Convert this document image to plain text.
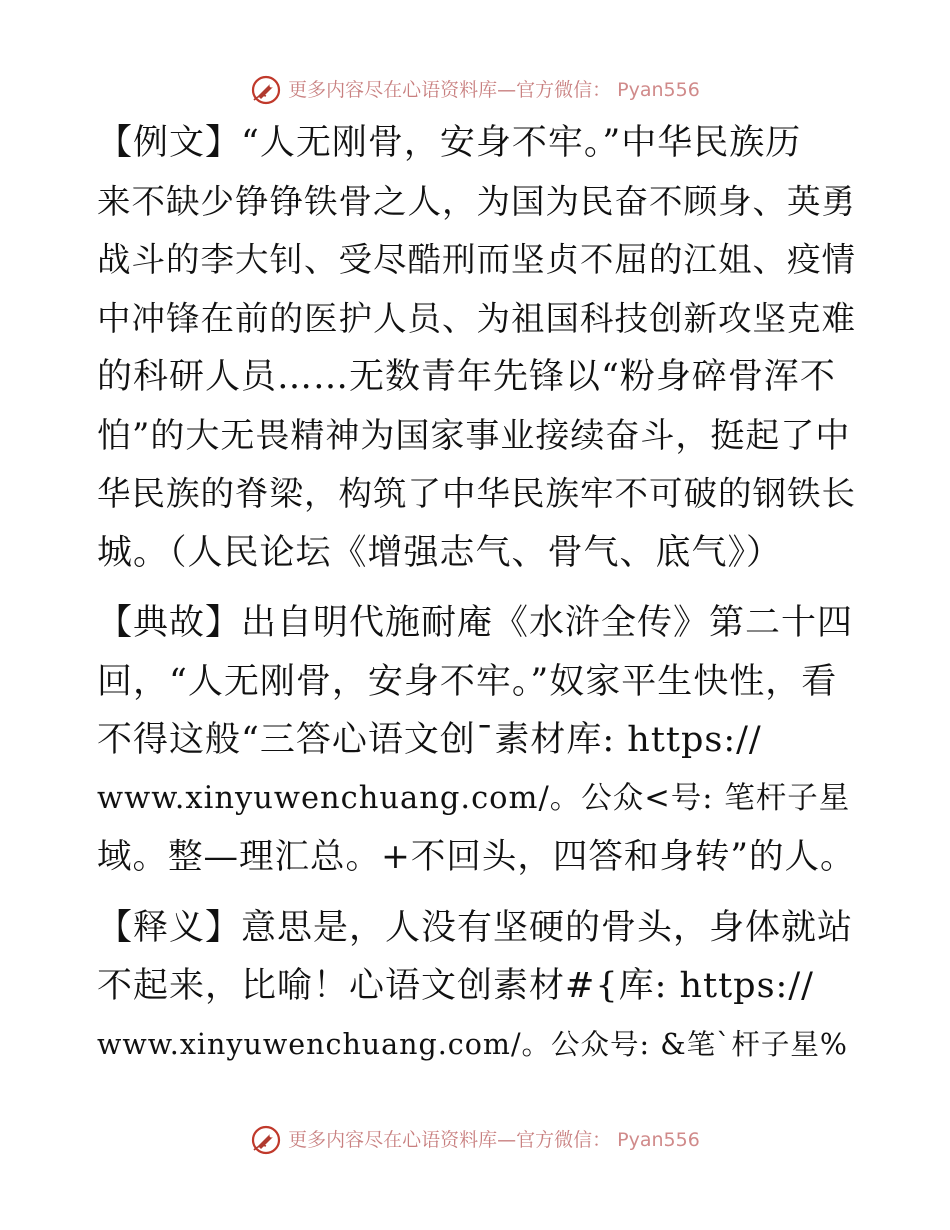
更多内容尽在心语资料库—官方微信： Pyan556

【例文】“人无刚骨，安身不牢。”中华民族历
来不缺少铮铮铁骨之人，为国为民奋不顾身、英勇
战斗的李大钊、受尽酷刑而坚贞不屈的江姐、疫情
中冲锋在前的医护人员、为祖国科技创新攻坚克难
的科研人员……无数青年先锋以“粉身碎骨浑不
怕”的大无畏精神为国家事业接续奋斗，挺起了中
华民族的脊梁，构筑了中华民族牢不可破的钢铁长
城。（人民论坛《增强志气、骨气、底气》）

【典故】出自明代施耐庵《水浒全传》第二十四
回，“人无刚骨，安身不牢。”奴家平生快性，看
不得这般“三答心语文创¯素材库: https://
www.xinyuwenchuang.com/。公众<号: 笔杆子星
域。整—理汇总。+不回头，四答和身转”的人。

【释义】意思是，人没有坚硬的骨头，身体就站
不起来，比喻！心语文创素材#{库: https://
www.xinyuwenchuang.com/。公众号: &笔`杆子星%

更多内容尽在心语资料库—官方微信： Pyan556
